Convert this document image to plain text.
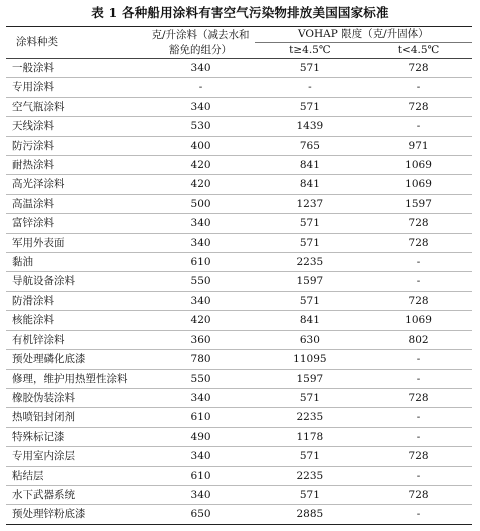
表 1 各种船用涂料有害空气污染物排放美国国家标准
涂料种类	克/升涂料（减去水和
豁免的组分）	VOHAP 限度（克/升固体）	
		t≥4.5℃	t<4.5℃
一般涂料	340	571	728
专用涂料	-	-	-
空气瓶涂料	340	571	728
天线涂料	530	1439	-
防污涂料	400	765	971
耐热涂料	420	841	1069
高光泽涂料	420	841	1069
高温涂料	500	1237	1597
富锌涂料	340	571	728
军用外表面	340	571	728
黏油	610	2235	-
导航设备涂料	550	1597	-
防滑涂料	340	571	728
核能涂料	420	841	1069
有机锌涂料	360	630	802
预处理磷化底漆	780	11095	-
修理，维护用热塑性涂料	550	1597	-
橡胶伪装涂料	340	571	728
热喷铝封闭剂	610	2235	-
特殊标记漆	490	1178	-
专用室内涂层	340	571	728
粘结层	610	2235	-
水下武器系统	340	571	728
预处理锌粉底漆	650	2885	-
